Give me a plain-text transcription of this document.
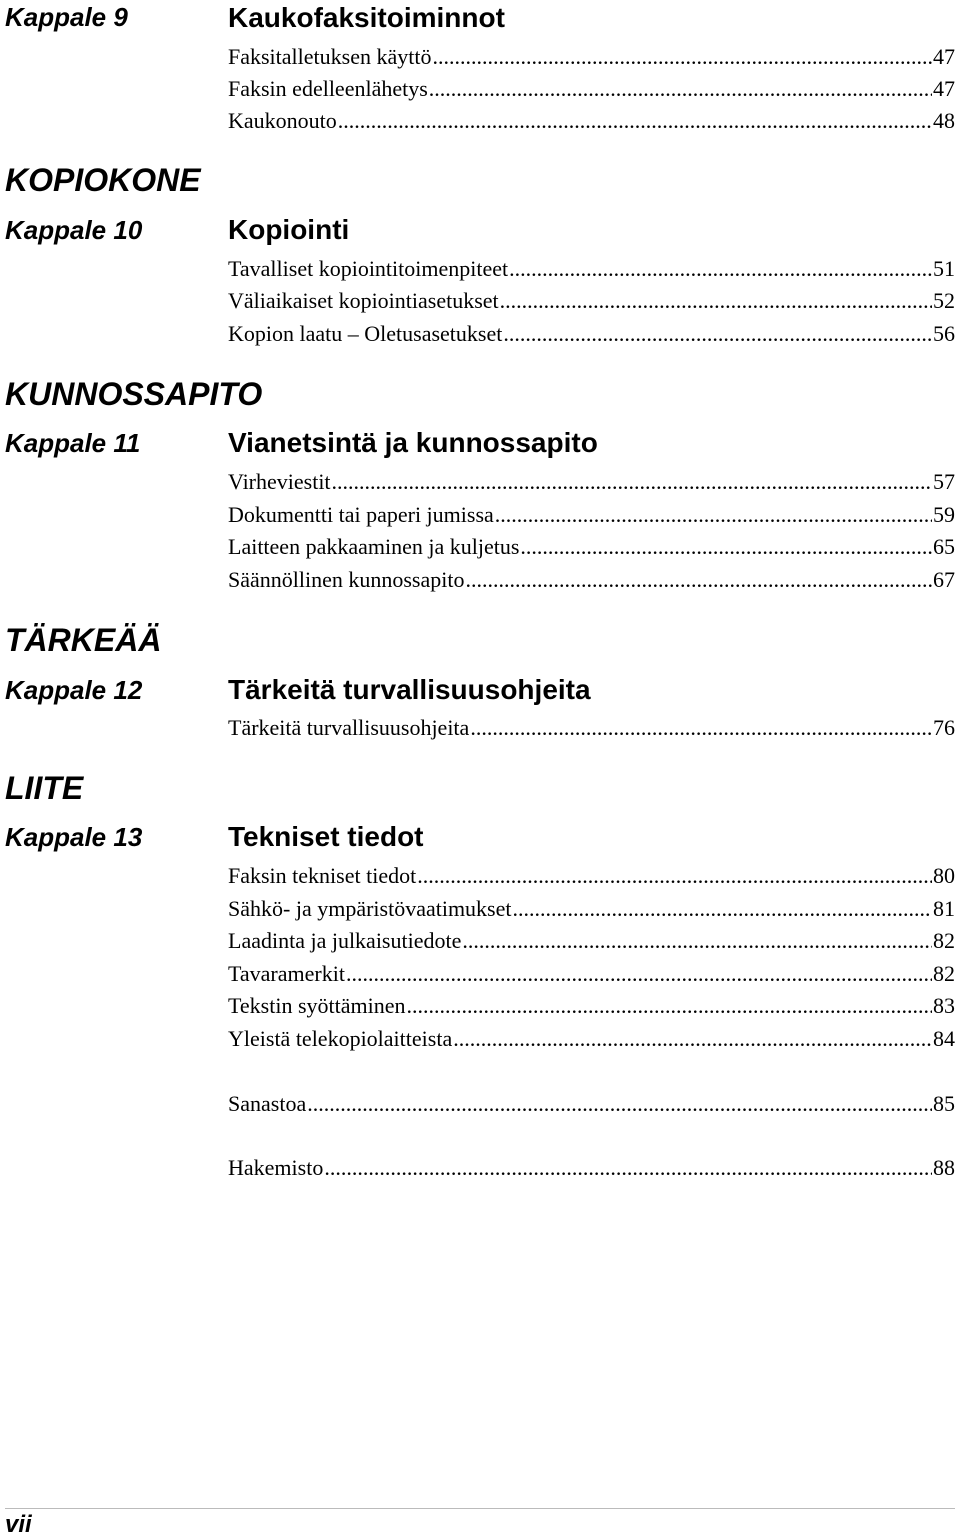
Kappale 9	Kaukofaksitoiminnot
Faksitalletuksen käyttö .....	47
Faksin edelleenlähetys .....	47
Kaukonouto .....	48
KOPIOKONE
Kappale 10	Kopiointi
Tavalliset kopiointitoimenpiteet .....	51
Väliaikaiset kopiointiasetukset .....	52
Kopion laatu – Oletusasetukset .....	56
KUNNOSSAPITO
Kappale 11	Vianetsintä ja kunnossapito
Virheviestit .....	57
Dokumentti tai paperi jumissa .....	59
Laitteen pakkaaminen ja kuljetus .....	65
Säännöllinen kunnossapito .....	67
TÄRKEÄÄ
Kappale 12	Tärkeitä turvallisuusohjeita
Tärkeitä turvallisuusohjeita .....	76
LIITE
Kappale 13	Tekniset tiedot
Faksin tekniset tiedot .....	80
Sähkö- ja ympäristövaatimukset .....	81
Laadinta ja julkaisutiedote .....	82
Tavaramerkit .....	82
Tekstin syöttäminen .....	83
Yleistä telekopiolaitteista .....	84
Sanastoa .....	85
Hakemisto .....	88
vii
